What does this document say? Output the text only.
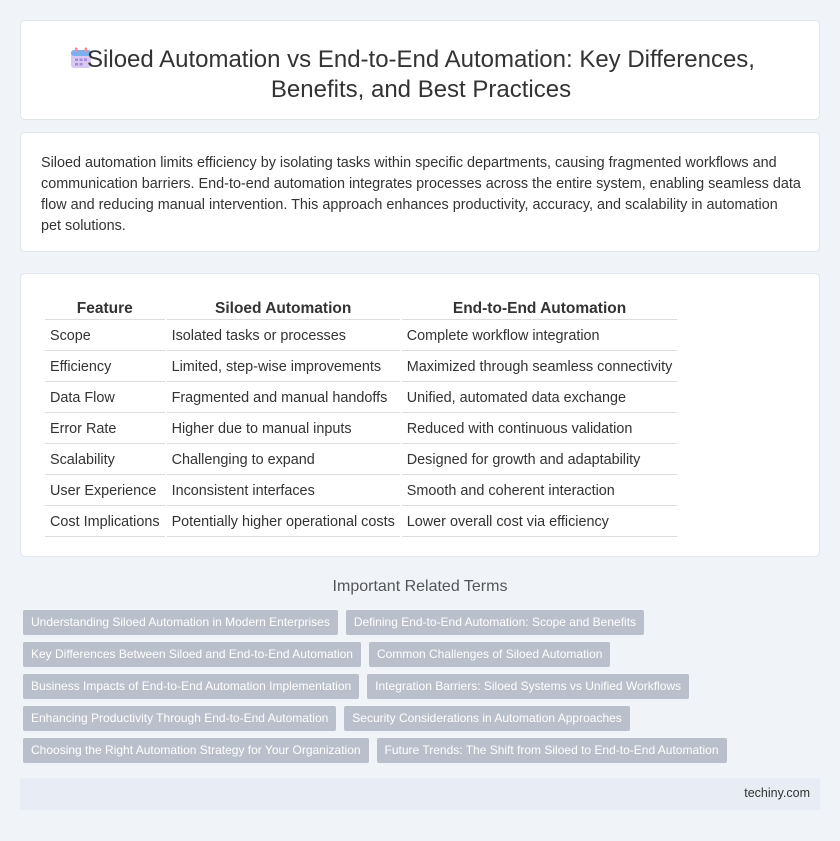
Siloed Automation vs End-to-End Automation: Key Differences, Benefits, and Best Practices

Siloed automation limits efficiency by isolating tasks within specific departments, causing fragmented workflows and communication barriers. End-to-end automation integrates processes across the entire system, enabling seamless data flow and reducing manual intervention. This approach enhances productivity, accuracy, and scalability in automation pet solutions.

Feature	Siloed Automation	End-to-End Automation
Scope	Isolated tasks or processes	Complete workflow integration
Efficiency	Limited, step-wise improvements	Maximized through seamless connectivity
Data Flow	Fragmented and manual handoffs	Unified, automated data exchange
Error Rate	Higher due to manual inputs	Reduced with continuous validation
Scalability	Challenging to expand	Designed for growth and adaptability
User Experience	Inconsistent interfaces	Smooth and coherent interaction
Cost Implications	Potentially higher operational costs	Lower overall cost via efficiency
Important Related Terms
Understanding Siloed Automation in Modern Enterprises Defining End-to-End Automation: Scope and Benefits
Key Differences Between Siloed and End-to-End Automation Common Challenges of Siloed Automation
Business Impacts of End-to-End Automation Implementation Integration Barriers: Siloed Systems vs Unified Workflows
Enhancing Productivity Through End-to-End Automation Security Considerations in Automation Approaches
Choosing the Right Automation Strategy for Your Organization Future Trends: The Shift from Siloed to End-to-End Automation
techiny.com
